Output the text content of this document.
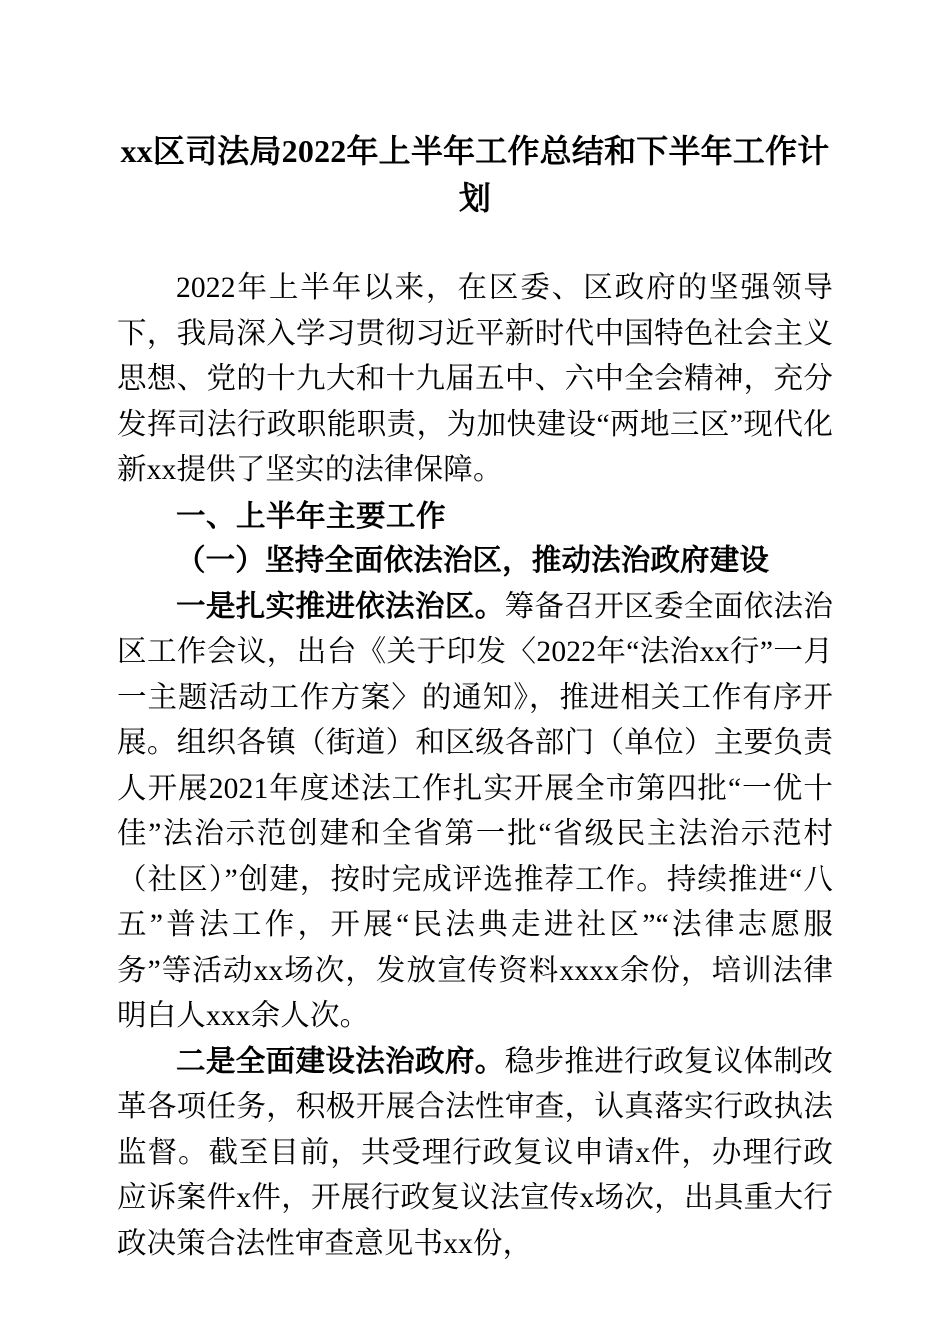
xx区司法局2022年上半年工作总结和下半年工作计划

2022年上半年以来，在区委、区政府的坚强领导下，我局深入学习贯彻习近平新时代中国特色社会主义思想、党的十九大和十九届五中、六中全会精神，充分发挥司法行政职能职责，为加快建设“两地三区”现代化新xx提供了坚实的法律保障。

一、上半年主要工作

（一）坚持全面依法治区，推动法治政府建设

一是扎实推进依法治区。筹备召开区委全面依法治区工作会议，出台《关于印发〈2022年“法治xx行”一月一主题活动工作方案〉的通知》，推进相关工作有序开展。组织各镇（街道）和区级各部门（单位）主要负责人开展2021年度述法工作扎实开展全市第四批“一优十佳”法治示范创建和全省第一批“省级民主法治示范村（社区）”创建，按时完成评选推荐工作。持续推进“八五”普法工作，开展“民法典走进社区”“法律志愿服务”等活动xx场次，发放宣传资料xxxx余份，培训法律明白人xxx余人次。

二是全面建设法治政府。稳步推进行政复议体制改革各项任务，积极开展合法性审查，认真落实行政执法监督。截至目前，共受理行政复议申请x件，办理行政应诉案件x件，开展行政复议法宣传x场次，出具重大行政决策合法性审查意见书xx份，
